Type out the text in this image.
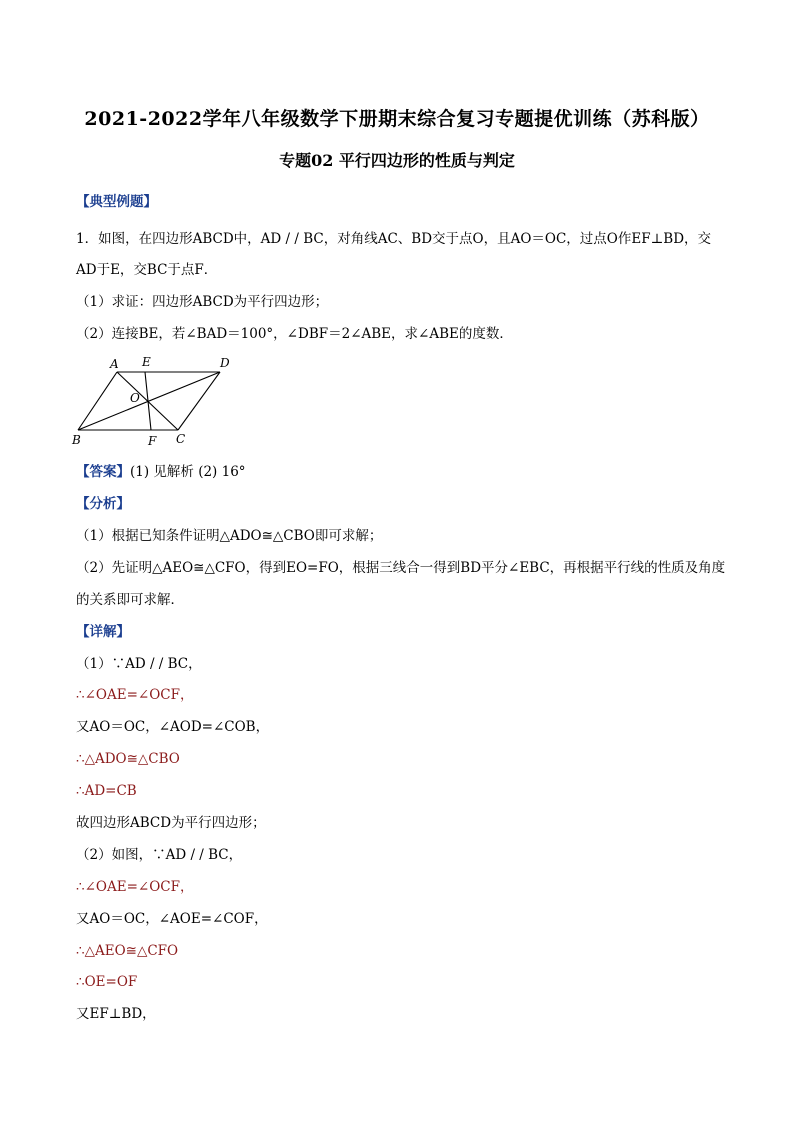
2021-2022学年八年级数学下册期末综合复习专题提优训练（苏科版）
专题02 平行四边形的性质与判定
【典型例题】
1．如图，在四边形ABCD中，AD / / BC，对角线AC、BD交于点O，且AO＝OC，过点O作EF⊥BD，交
AD于E，交BC于点F．
（1）求证：四边形ABCD为平行四边形；
（2）连接BE，若∠BAD＝100°，∠DBF＝2∠ABE，求∠ABE的度数．
A E	D
O
B	F C
【答案】(1) 见解析 (2) 16°
【分析】
（1）根据已知条件证明△ADO≅△CBO即可求解；
（2）先证明△AEO≅△CFO，得到EO=FO，根据三线合一得到BD平分∠EBC，再根据平行线的性质及角度
的关系即可求解．
【详解】
（1）∵AD / / BC，
∴∠OAE=∠OCF，
又AO＝OC，∠AOD=∠COB，
∴△ADO≅△CBO
∴AD=CB
故四边形ABCD为平行四边形；
（2）如图，∵AD / / BC，
∴∠OAE=∠OCF，
又AO＝OC，∠AOE=∠COF，
∴△AEO≅△CFO
∴OE=OF
又EF⊥BD，
